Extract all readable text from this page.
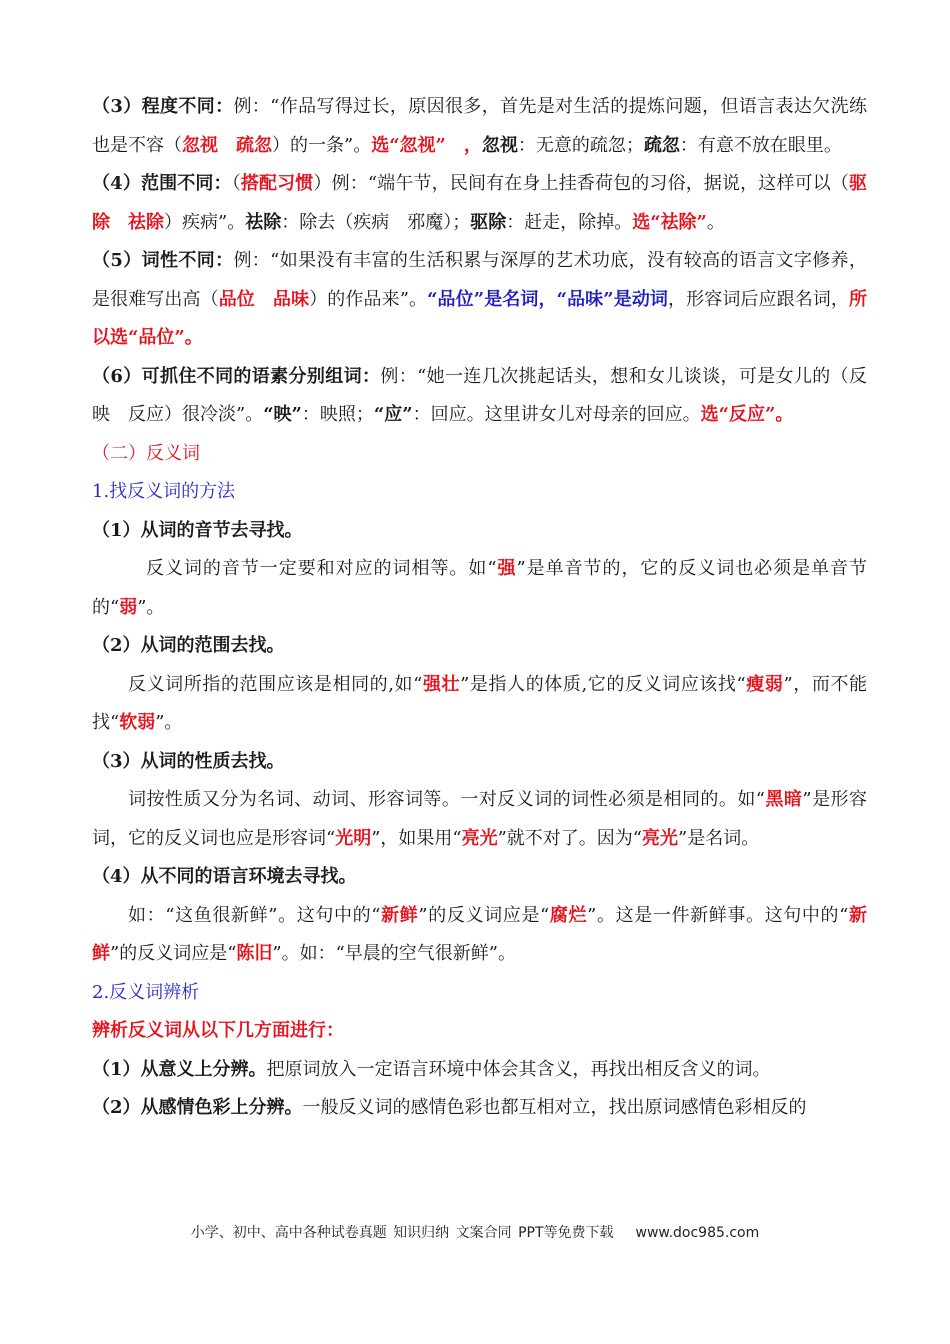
（3）程度不同：例：“作品写得过长，原因很多，首先是对生活的提炼问题，但语言表达欠洗练也是不容（忽视　疏忽）的一条”。选“忽视”　，忽视：无意的疏忽；疏忽：有意不放在眼里。

（4）范围不同：（搭配习惯）例：“端午节，民间有在身上挂香荷包的习俗，据说，这样可以（驱除　祛除）疾病”。祛除：除去（疾病　邪魔）；驱除：赶走，除掉。选“祛除”。

（5）词性不同：例：“如果没有丰富的生活积累与深厚的艺术功底，没有较高的语言文字修养，是很难写出高（品位　品味）的作品来”。“品位”是名词，“品味”是动词，形容词后应跟名词，所以选“品位”。

（6）可抓住不同的语素分别组词：例：“她一连几次挑起话头，想和女儿谈谈，可是女儿的（反映　反应）很冷淡”。“映”：映照；“应”：回应。这里讲女儿对母亲的回应。选“反应”。

（二）反义词

1.找反义词的方法

（1）从词的音节去寻找。

反义词的音节一定要和对应的词相等。如“强”是单音节的，它的反义词也必须是单音节的“弱”。

（2）从词的范围去找。

反义词所指的范围应该是相同的,如“强壮”是指人的体质,它的反义词应该找“瘦弱”，而不能找“软弱”。

（3）从词的性质去找。

词按性质又分为名词、动词、形容词等。一对反义词的词性必须是相同的。如“黑暗”是形容词，它的反义词也应是形容词“光明”，如果用“亮光”就不对了。因为“亮光”是名词。

（4）从不同的语言环境去寻找。

如：“这鱼很新鲜”。这句中的“新鲜”的反义词应是“腐烂”。这是一件新鲜事。这句中的“新鲜”的反义词应是“陈旧”。如：“早晨的空气很新鲜”。

2.反义词辨析

辨析反义词从以下几方面进行：

（1）从意义上分辨。把原词放入一定语言环境中体会其含义，再找出相反含义的词。

（2）从感情色彩上分辨。一般反义词的感情色彩也都互相对立，找出原词感情色彩相反的

小学、初中、高中各种试卷真题 知识归纳 文案合同 PPT等免费下载 www.doc985.com
